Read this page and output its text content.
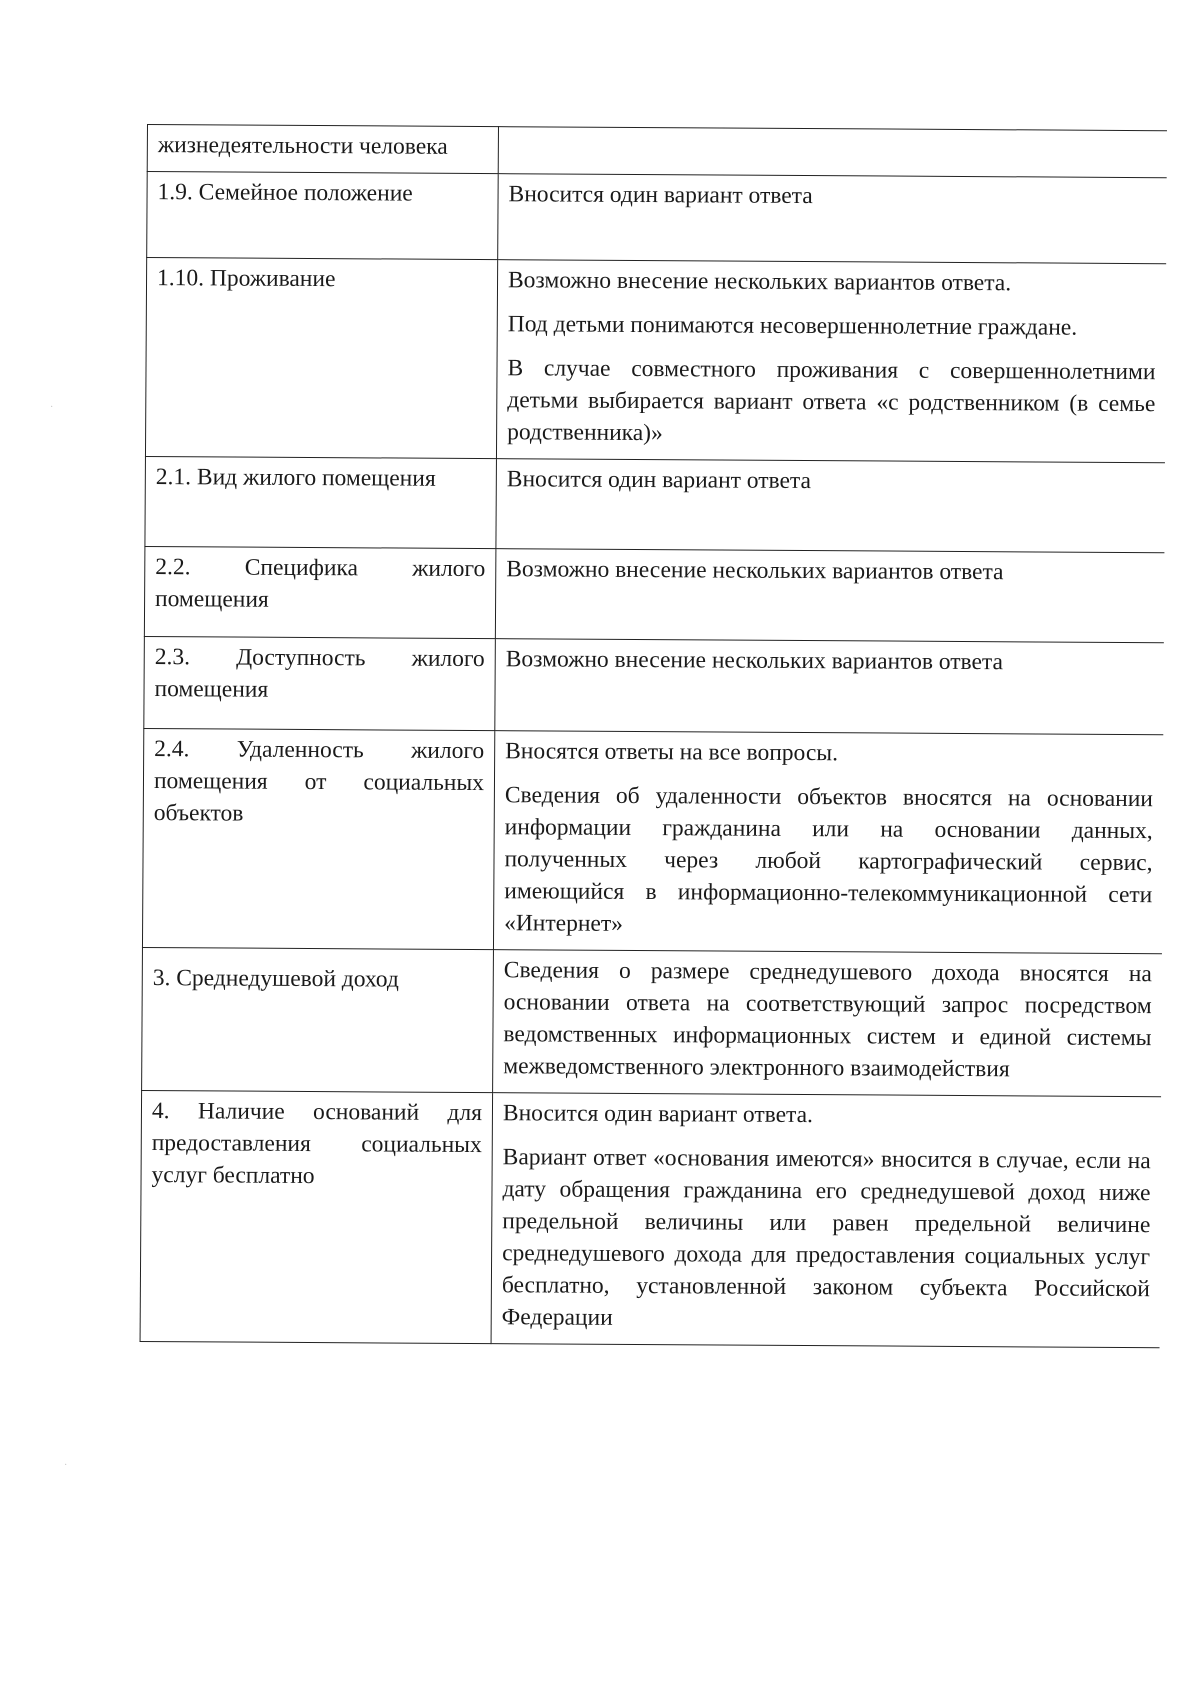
жизнедеятельности человека	

1.9. Семейное положение	Вносится один вариант ответа

1.10. Проживание	Возможно внесение нескольких вариантов ответа.
Под детьми понимаются несовершеннолетние граждане.
В случае совместного проживания с совершеннолетними детьми выбирается вариант ответа «с родственником (в семье родственника)»

2.1. Вид жилого помещения	Вносится один вариант ответа

2.2. Специфика жилого помещения	Возможно внесение нескольких вариантов ответа

2.3. Доступность жилого помещения	Возможно внесение нескольких вариантов ответа

2.4. Удаленность жилого помещения от социальных объектов	Вносятся ответы на все вопросы.
Сведения об удаленности объектов вносятся на основании информации гражданина или на основании данных, полученных через любой картографический сервис, имеющийся в информационно-телекоммуникационной сети «Интернет»

3. Среднедушевой доход	Сведения о размере среднедушевого дохода вносятся на основании ответа на соответствующий запрос посредством ведомственных информационных систем и единой системы межведомственного электронного взаимодействия

4. Наличие оснований для предоставления социальных услуг бесплатно	Вносится один вариант ответа.
Вариант ответ «основания имеются» вносится в случае, если на дату обращения гражданина его среднедушевой доход ниже предельной величины или равен предельной величине среднедушевого дохода для предоставления социальных услуг бесплатно, установленной законом субъекта Российской Федерации
·
·
